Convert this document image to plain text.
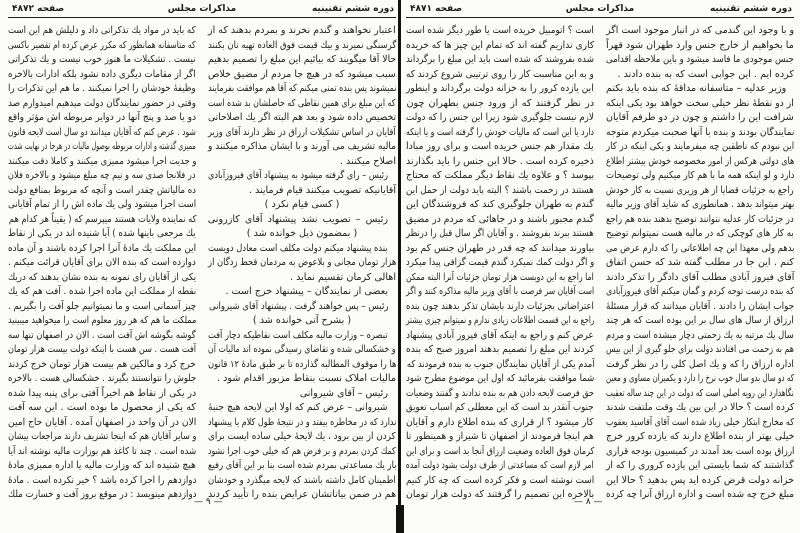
دوره ششم تقنینیه
مذاکرات مجلس
صفحه ۴۸۷۲
اعتبار نخواهند و گندم نخرند و بمردم بدهند که از
گرسنگی نمیرند و بیك قیمت فوق العاده تهیه نان بکنند
حالا آقا میگویند که بیائیم این مبلغ را تصمیم بدهیم
سبب میشود که در هیچ جا مردم از مضیق خلاص
نمیشوند پس بنده تمنی میکنم که آقا هم موافقت بفرمایند
که این مبلغ برای همین نقاطی که حاصلشان بد شده است
تخصیص داده شود و بعد هم البته اگر یك اصلاحاتی
آقایان در اساس تشکیلات ارزاق در نظر دارند آقای وزیر
مالیه تشریف می آورند و با ایشان مذاکره میکنند و
اصلاح میکنند .
رئیس – رای گرفته میشود به پیشنهاد آقای فیروزآبادی
آقایانیکه تصویب میکنند قیام فرمایند .
( کسی قیام نکرد )
رئیس – تصویب نشد پیشنهاد آقای کازرونی
( بمضمون ذیل خوانده شد )
بنده پیشنهاد میکنم دولت مکلف است معادل دویست
هزار تومان مجانی و بلاعوض به مردمان قحط زدگان از
اهالی کرمان تقسیم نماید .
بعضی از نمایندگان – پیشنهاد خرج است .
رئیس – پس خواهند گرفت . پیشنهاد آقای شیروانی
( بشرح آتی خوانده شد )
تبصره – وزارت مالیه مکلف است نقاطیکه دچار آفت
و خشکسالی شده و تقاضای رسیدگی نموده اند مالیات آن
ها را موقوف المطالبه گذارده تا بر طبق مادهٔ ۱۲ قانون
مالیات املاک نسبت بنقاط مزبور اقدام شود .
رئیس – آقای شیروانی
شیروانی – عرض کنم که اولا این لایحه هیچ جنبهٔ
ندارد که در مخاطره بیفتد و در نتیجهٔ طول کلام یا پیشنهاد
کردن از بین برود ، یك لایحهٔ خیلی ساده ایست برای
کمك کردن بمردم و بر فرض هم که خیلی خوب اجرا نشود
باز یك مساعدتی بمردم شده است بنا بر این آقای رفیع
اطمینان کامل داشته باشند که لایحه میگذرد و خودشان
هم در ضمن بیاناتشان عرایض بنده را تأیید کردند
که باید در مواد یك تذکراتی داد و دلیلش هم این است
که متاسفانه همانطور که مکرر عرض کرده ام تقصیر باکسی
نیست . تشکیلات ما هنوز خوب نیست و یك تذکراتی
اگر از مقامات دیگری داده نشود بلکه ادارات بالاخره
وظیفهٔ خودشان را اجرا نمیکنند . ما هم این تذکرات را
وقتی در حضور نمایندگان دولت میدهیم امیدوارم صد
دو یا صد و پنج آنها در دوایر مربوطه اش مؤثر واقع
شود . عرض کنم که آقایان میدانند دو سال است لایحه قانون
ممیزی گذشته و ادارات مربوطه بوصول مالیات در هرجا در نهایت شدت
و جدیت اجرا میشود ممیزی میکنند و کاملا دقت میکنند
در فلانجا صدی سه و نیم چه مبلغ میشود و بالاخره فلان
ده مالیاتش چقدر است و آنچه که مربوط بمنافع دولت
است اجرا میشود ولی یك ماده اش را از تمام آقایانی
که نماینده ولایات هستند میپرسم که ( یقیناً هر کدام هم
یك مرجعی باینها شده ) آیا شنیده اند در یکی از نقاط
این مملکت یك مادهٔ آنرا اجرا کرده باشند و آن ماده
دوازده است که بنده الان برای آقایان قرائت میکنم .
یکی از آقایان رای نمونه به بنده نشان بدهند که دریك
نقطه از مملکت این ماده اجرا شده . آفت هم که یك
چیز آسمانی است و ما نمیتوانیم جلو آفت را بگیریم .
مملکت ما هم که هر روز معلوم است را میخواهید میبینید
گوشه بگوشه اش آفت است . الان در اصفهان تنها سه
آفت هست . سن هست با اینکه دولت بیست هزار تومان
خرج کرد و مالکین هم بیست هزار تومان خرج کردند
جلوش را نتوانستند بگیرند . خشکسالی هست . بالاخره
در یکی از نقاط هم اخیراً آفتی برای پنبه پیدا شده
که یکی از محصول ما بوده است . این سه آفت
الان در آن واحد در اصفهان آمده . آقایان حاج امین
و سایر آقایان هم که اینجا تشریف دارند مراجعات بیشان
شده است . چند تا کاغذ هم بوزارت مالیه نوشته اند آیا
هیچ شنیده اند که وزارت مالیه یا اداره ممیزی مادهٔ
دوازدهم را اجرا کرده باشد ؟ خیر نکرده است . مادهٔ
دوازدهم مینویسد : در موقع بروز آفت و خسارت ملك
— ۹ —
دوره ششم تقنینیه
مذاکرات مجلس
صفحه ۴۸۷۱
و با وجود این گندمی که در انبار موجود است اگر
ما بخواهیم از خارج جنس وارد طهران شود قهراً
جنس موجودی ما فاسد میشود و باین ملاحظه اقدامی
کرده ایم . این جوابی است که به بنده دادند .
وزیر عدلیه – متاسفانه مداقهٔ که بنده باید بکنم
از دو نقطهٔ نظر خیلی سخت خواهد بود یکی اینکه
شرافت این را داشتم و چون در دو طرفم آقایان
نمایندگان بودند و بنده با آنها صحبت میکردم متوجه
این نبودم که ناطقین چه میفرمایند و یکی اینکه در کار
های دولتی هرکس از امور مخصوصه خودش بیشتر اطلاع
دارد و لو اینکه همه ما با هم کار میکنیم ولی توضیحات
راجع به جزئیات قضایا از هر وزیری نسبت به کار خودش
بهتر میتواند بدهد . همانطوری که شاید آقای وزیر مالیه
در جزئیات کار عدلیه نتوانند توضیح بدهند بنده هم راجع
به کار های کوچکی که در مالیه هست نمیتوانم توضیح
بدهم ولی معهذا این چه اطلاعاتی را که دارم عرض می
کنم . این جا در مطلب گفته شد که حسن اتفاق
آقای فیروز آبادی مطلب آقای دادگر را تذکر دادند
که بنده درست توجه کردم و گمان میکنم آقای فیروزآبادی
جواب ایشان را دادند . آقایان میدانند که قرار مسئلهٔ
ارزاق از سال های سال بر این بوده است که هر چند
سال یك مرتبه به یك زحمتی دچار میشده است و مردم
هم به زحمت می افتادند دولت برای جلو گیری از این بیس
اداره ارزاق را که و یك اصل کلی را در نظر گرفت
که دو سال بدو سال خوب نرخ را دارد و یکمیزان مساوی و معین
نگاهدارد این رویه اصلی است که دولت در این چند ساله تعقیب
کرده است ؟ حالا در این بین یك وقت ملتفت شدند
که مخارج ابتکار خیلی زیاد شده است آقای آقاسید یعقوب
خیلی بهتر از بنده اطلاع دارند که یازده کرور خرج
ارزاق بوده است بعد آمدند در کمیسیون بودجه قراری
گذاشتند که شما بایستی این یازده کروری را که از
خزانه دولت قرض کرده اید پس بدهید ؟ حالا این
مبلغ خرج چه شده است و اداره ارزاق آنرا چه کرده
است ؟ اتومبیل خریده است یا طور دیگر شده است
کاری نداریم گفته اند که تمام این چیز ها که خریده
شده بفروشند که شده است باید این مبلغ را برگرداند
و به این مناسبت کار را روی ترتیبی شروع کردند که
این یازده کرور را به خزانه دولت برگرداند و اینطور
در نظر گرفتند که از ورود جنس بطهران چون
لازم نیست جلوگیری شود زیرا این جنس را که دولت
دارد یا این است که مالیات خودش را گرفته است و یا اینکه
یك مقدار هم جنس خریده است و برای روز مبادا
ذخیره کرده است . حالا این جنس را باید بگذارند
بپوسد ؟ و علاوه یك نقاط دیگر مملکت که محتاج
هستند در زحمت باشند ؟ البته باید دولت از حمل این
گندم به طهران جلوگیری کند که فروشندگان این
گندم مجبور باشند و در جاهائی که مردم در مضیق
هستند ببرند بفروشند . و آقایان اگر سال قبل را درنظر
بیاورند میدانند که چه قدر در طهران جنس کم بود
و اگر دولت کمك نمیکرد گندم قیمت گزافی پیدا میکرد
اما راجع به این دویست هزار تومان جزئیات آنرا البته ممکن
است آقایان سر فرصت با آقای وزیر مالیه مذاکره کنند و اگر
اعتراضاتی بجزئیات دارند بایشان تذکر بدهند چون بنده
راجع به این قسمت اطلاعات زیادی ندارم و نمیتوانم چیزی بیشتر
عرض کنم و راجع به اینکه آقای فیروز آبادی پیشنهاد
کردند این مبلغ را تصمیم بدهند امروز صبح که بنده
آمدم یکی از آقایان نمایندگان جنوب به بنده فرمودند که
شما موافقت بفرمائید که اول این موضوع مطرح شود
حق فرصت لایحه دادن هم به بنده ندادند و گفتند وضعیات
جنوب آنقدر بد است که این معطلی کم اسباب تعویق
کار میشود ؟ از قراری که بنده اطلاع دارم و آقایان
هم اینجا فرمودند از اصفهان تا شیراز و همینطور تا
کرمان فوق العاده وضعیت ارزاق آنجا بد است و برای این
امر لازم است که مساعدتی از طرف دولت بشود دولت آمده
است نوشته است و فکر کرده است که چه کار کنیم
بالاخره این تصمیم را گرفتند که دولت هزار تومان
— ۸ —
